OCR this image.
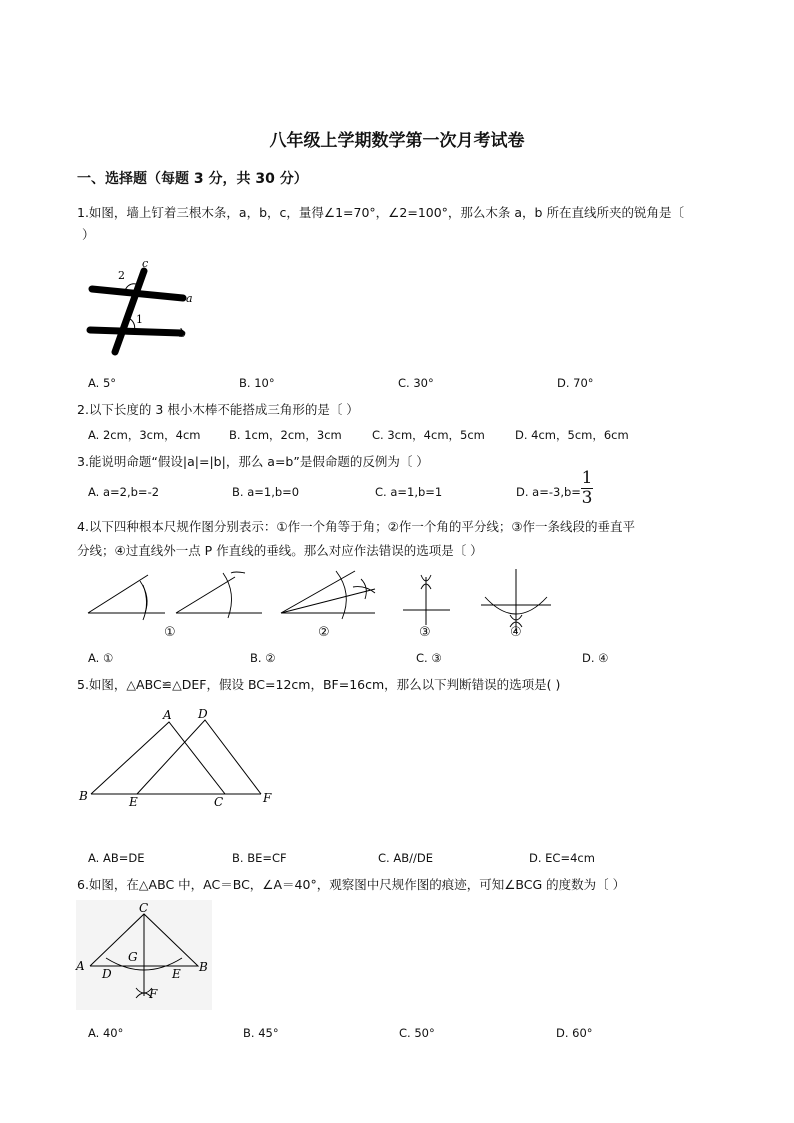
八年级上学期数学第一次月考试卷
一、选择题（每题 3 分，共 30 分）
1.如图，墙上钉着三根木条，a，b，c，量得∠1=70°，∠2=100°，那么木条 a，b 所在直线所夹的锐角是〔
）
c
2
a
1
b
A. 5°	B. 10°	C. 30°	D. 70°
2.以下长度的 3 根小木棒不能搭成三角形的是〔 ）
A. 2cm，3cm，4cm B. 1cm，2cm，3cm	C. 3cm，4cm，5cm	D. 4cm，5cm，6cm
3.能说明命题“假设|a|=|b|，那么 a=b”是假命题的反例为〔 ）
A. a=2,b=-2	B. a=1,b=0	C. a=1,b=1	D. $a=-3,b= \frac{1}{3}$
4.以下四种根本尺规作图分别表示：①作一个角等于角；②作一个角的平分线；③作一条线段的垂直平
分线；④过直线外一点 P 作直线的垂线。那么对应作法错误的选项是〔 ）
①	②	③	④
A. ①	B. ②	C. ③	D. ④
5.如图，△ABC≌△DEF，假设 BC=12cm，BF=16cm，那么以下判断错误的选项是( )
A D
B	E	C	F
A. AB=DE	B. BE=CF	C. AB//DE	D. EC=4cm
6.如图，在△ABC 中，AC＝BC，∠A＝40°，观察图中尺规作图的痕迹，可知∠BCG 的度数为〔 ）
C
A	B
G
D	E
F
A. 40°	B. 45°	C. 50°	D. 60°
